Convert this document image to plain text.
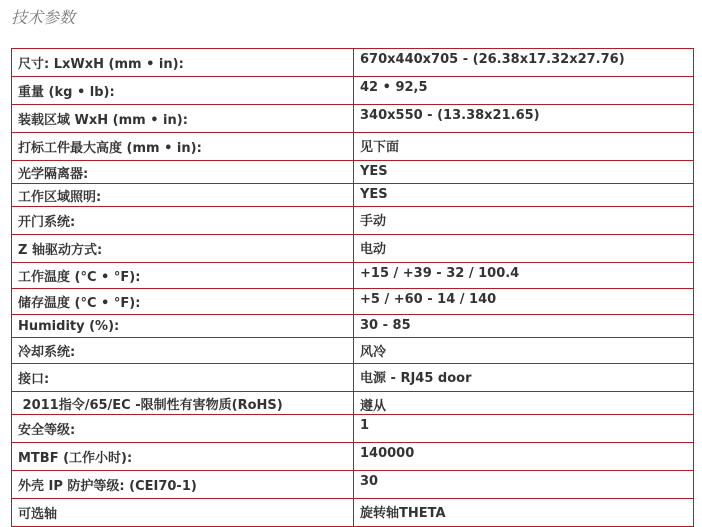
技术参数
尺寸: LxWxH (mm • in):	670x440x705 - (26.38x17.32x27.76)
重量 (kg • lb):	42 • 92,5
装载区域 WxH (mm • in):	340x550 - (13.38x21.65)
打标工件最大高度 (mm • in):	见下面
光学隔离器:	YES
工作区域照明:	YES
开门系统:	手动
Z 轴驱动方式:	电动
工作温度 (°C • °F):	+15 / +39 - 32 / 100.4
储存温度 (°C • °F):	+5 / +60 - 14 / 140
Humidity (%):	30 - 85
冷却系统:	风冷
接口:	电源 - RJ45 door
2011指令/65/EC -限制性有害物质(RoHS)	遵从
安全等级:	1
MTBF (工作小时):	140000
外壳 IP 防护等级: (CEI70-1)	30
可选轴	旋转轴THETA
